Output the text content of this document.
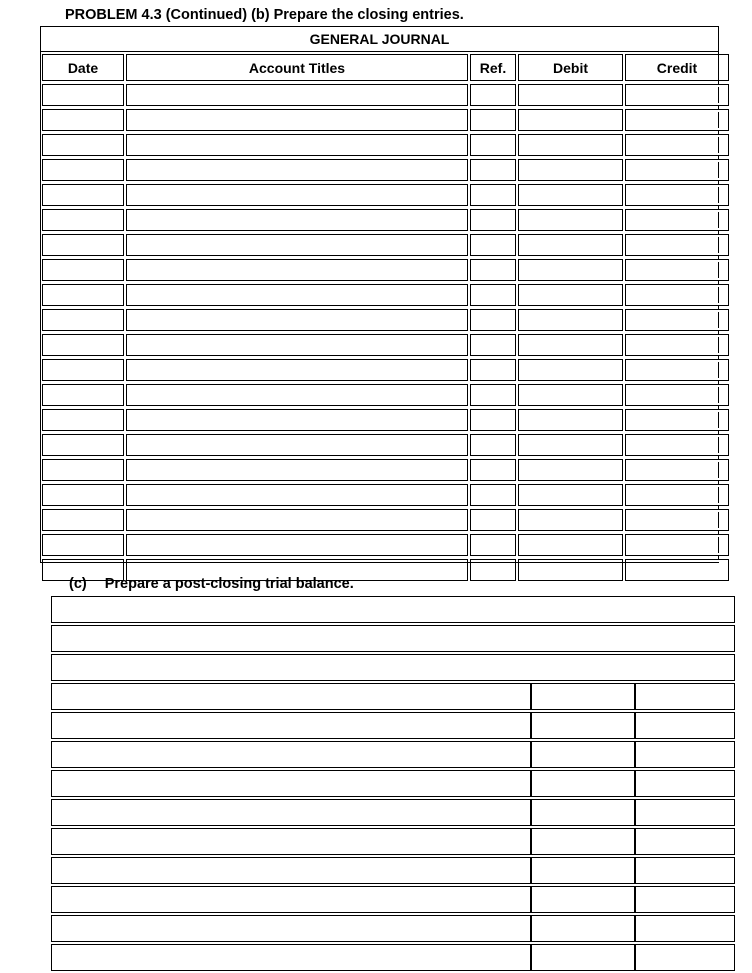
PROBLEM 4.3 (Continued) (b) Prepare the closing entries.
GENERAL JOURNAL
Date	Account Titles	Ref.	Debit	Credit

(c) Prepare a post-closing trial balance.
